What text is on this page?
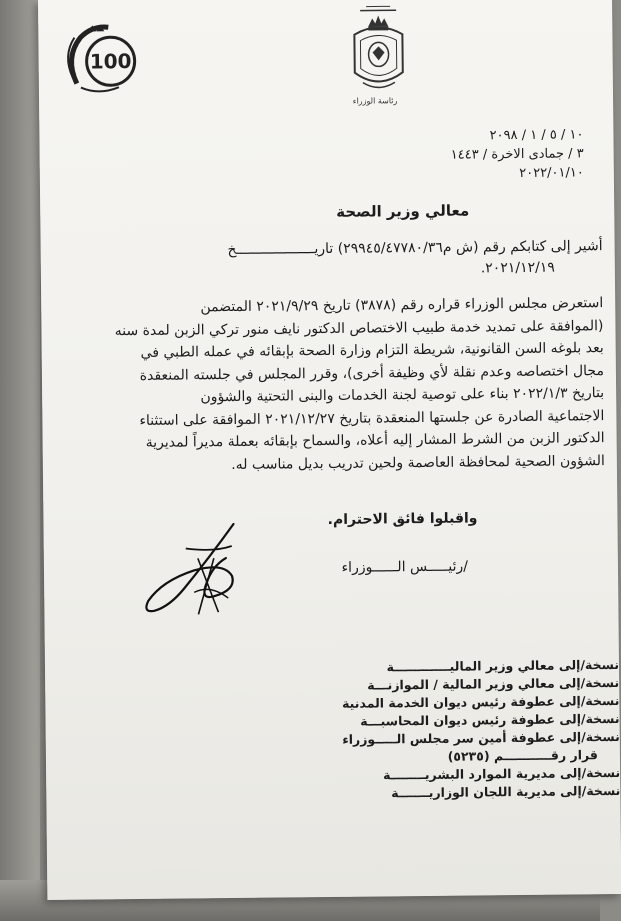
100
رئاسة الوزراء
١٠ / ٥ / ١ / ٢٠٩٨
٣ / جمادى الاخرة / ١٤٤٣
٢٠٢٢/٠١/١٠
معالي وزير الصحة
أشير إلى كتابكم رقم (ش م٢٩٩٤٥/٤٧٧٨٠/٣٦) تاريـــــــــــــــــــخ
٢٠٢١/١٢/١٩.
استعرض مجلس الوزراء قراره رقم (٣٨٧٨) تاريخ ٢٠٢١/٩/٢٩ المتضمن
(الموافقة على تمديد خدمة طبيب الاختصاص الدكتور نايف منور تركي الزبن لمدة سنه
بعد بلوغه السن القانونية، شريطة التزام وزارة الصحة بإبقائه في عمله الطبي في
مجال اختصاصه وعدم نقلة لأي وظيفة أخرى)، وقرر المجلس في جلسته المنعقدة
بتاريخ ٢٠٢٢/١/٣ بناء على توصية لجنة الخدمات والبنى التحتية والشؤون
الاجتماعية الصادرة عن جلستها المنعقدة بتاريخ ٢٠٢١/١٢/٢٧ الموافقة على استثناء
الدكتور الزبن من الشرط المشار إليه أعلاه، والسماح بإبقائه بعملة مديراً لمديرية
الشؤون الصحية لمحافظة العاصمة ولحين تدريب بديل مناسب له.
واقبلوا فائق الاحترام.
/رئيـــــس الــــــوزراء
نسخة/إلى معالي وزير الماليـــــــــــــة
نسخة/إلى معالي وزير المالية / الموازنـــة
نسخة/إلى عطوفة رئيس ديوان الخدمة المدنية
نسخة/إلى عطوفة رئيس ديوان المحاسبـــة
نسخة/إلى عطوفة أمين سر مجلس الـــــوزراء
قرار رقـــــــــــم (٥٢٣٥)
نسخة/إلى مديرية الموارد البشريــــــــة
نسخة/إلى مديرية اللجان الوزاريـــــــة
